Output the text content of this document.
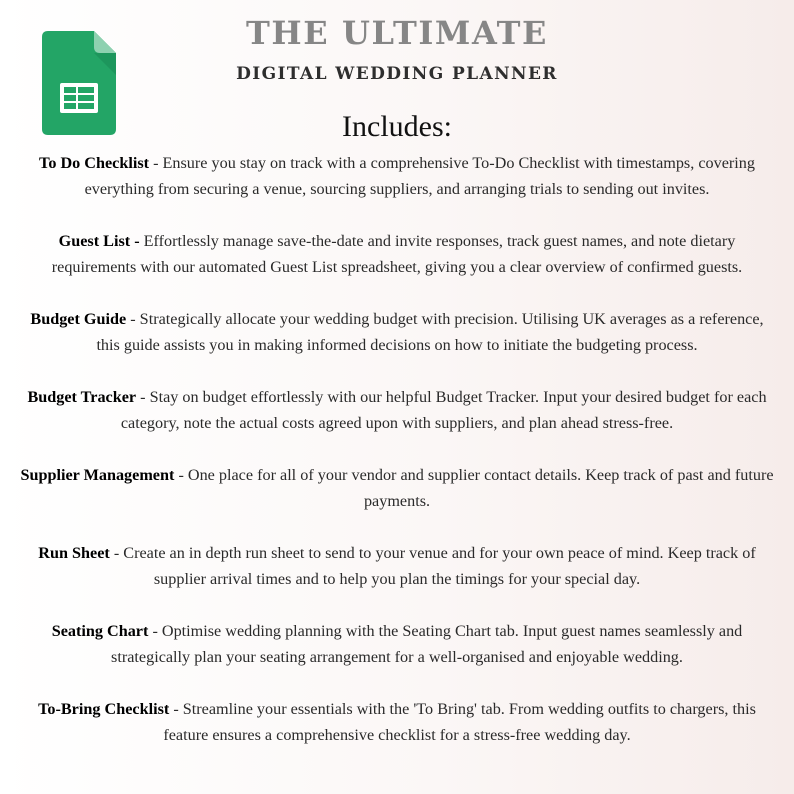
THE ULTIMATE
DIGITAL WEDDING PLANNER
Includes:

To Do Checklist - Ensure you stay on track with a comprehensive To-Do Checklist with timestamps, covering everything from securing a venue, sourcing suppliers, and arranging trials to sending out invites.

Guest List - Effortlessly manage save-the-date and invite responses, track guest names, and note dietary requirements with our automated Guest List spreadsheet, giving you a clear overview of confirmed guests.

Budget Guide - Strategically allocate your wedding budget with precision. Utilising UK averages as a reference, this guide assists you in making informed decisions on how to initiate the budgeting process.

Budget Tracker - Stay on budget effortlessly with our helpful Budget Tracker. Input your desired budget for each category, note the actual costs agreed upon with suppliers, and plan ahead stress-free.

Supplier Management - One place for all of your vendor and supplier contact details. Keep track of past and future payments.

Run Sheet - Create an in depth run sheet to send to your venue and for your own peace of mind. Keep track of supplier arrival times and to help you plan the timings for your special day.

Seating Chart - Optimise wedding planning with the Seating Chart tab. Input guest names seamlessly and strategically plan your seating arrangement for a well-organised and enjoyable wedding.

To-Bring Checklist - Streamline your essentials with the 'To Bring' tab. From wedding outfits to chargers, this feature ensures a comprehensive checklist for a stress-free wedding day.
